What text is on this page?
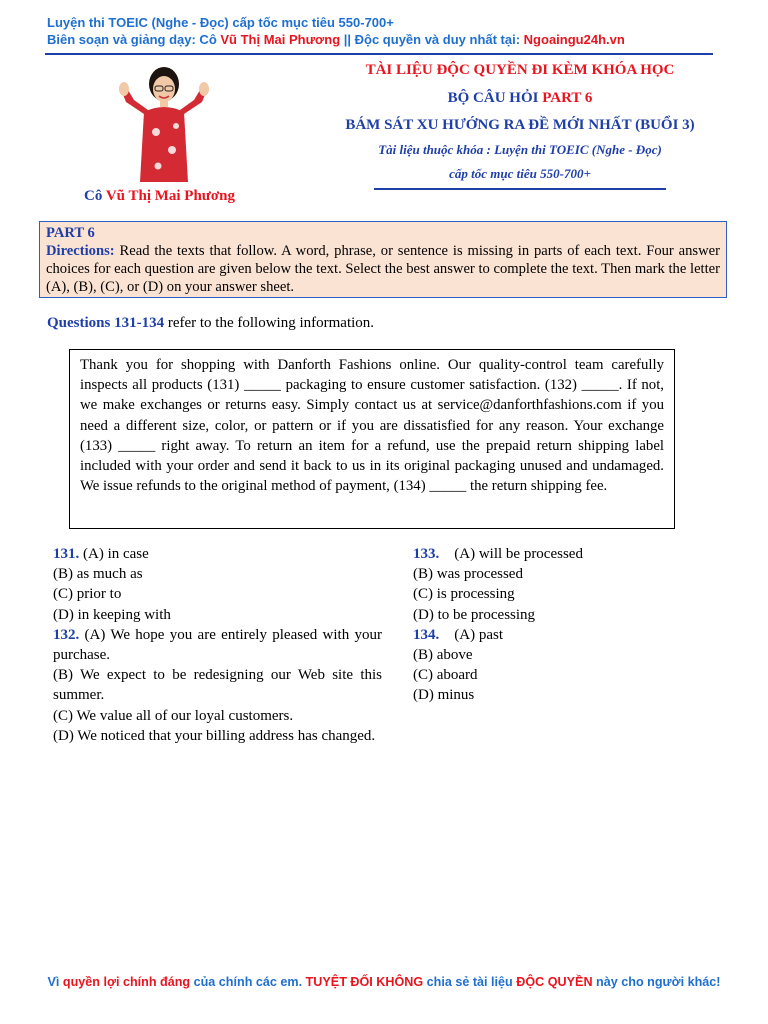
Luyện thi TOEIC (Nghe - Đọc) cấp tốc mục tiêu 550-700+
Biên soạn và giảng dạy: Cô Vũ Thị Mai Phương || Độc quyền và duy nhất tại: Ngoaingu24h.vn
Cô Vũ Thị Mai Phương
TÀI LIỆU ĐỘC QUYỀN ĐI KÈM KHÓA HỌC
BỘ CÂU HỎI PART 6
BÁM SÁT XU HƯỚNG RA ĐỀ MỚI NHẤT (BUỔI 3)
Tài liệu thuộc khóa : Luyện thi TOEIC (Nghe - Đọc)
cấp tốc mục tiêu 550-700+
PART 6
Directions: Read the texts that follow. A word, phrase, or sentence is missing in parts of each text. Four answer choices for each question are given below the text. Select the best answer to complete the text. Then mark the letter (A), (B), (C), or (D) on your answer sheet.
Questions 131-134 refer to the following information.
Thank you for shopping with Danforth Fashions online. Our quality-control team carefully inspects all products (131) _____ packaging to ensure customer satisfaction. (132) _____. If not, we make exchanges or returns easy. Simply contact us at service@danforthfashions.com if you need a different size, color, or pattern or if you are dissatisfied for any reason. Your exchange (133) _____ right away. To return an item for a refund, use the prepaid return shipping label included with your order and send it back to us in its original packaging unused and undamaged. We issue refunds to the original method of payment, (134) _____ the return shipping fee.
131. (A) in case
(B) as much as
(C) prior to
(D) in keeping with
132. (A) We hope you are entirely pleased with your purchase.
(B) We expect to be redesigning our Web site this summer.
(C) We value all of our loyal customers.
(D) We noticed that your billing address has changed.
133.    (A) will be processed
(B) was processed
(C) is processing
(D) to be processing
134.    (A) past
(B) above
(C) aboard
(D) minus
Vì quyền lợi chính đáng của chính các em. TUYỆT ĐỐI KHÔNG chia sẻ tài liệu ĐỘC QUYỀN này cho người khác!
